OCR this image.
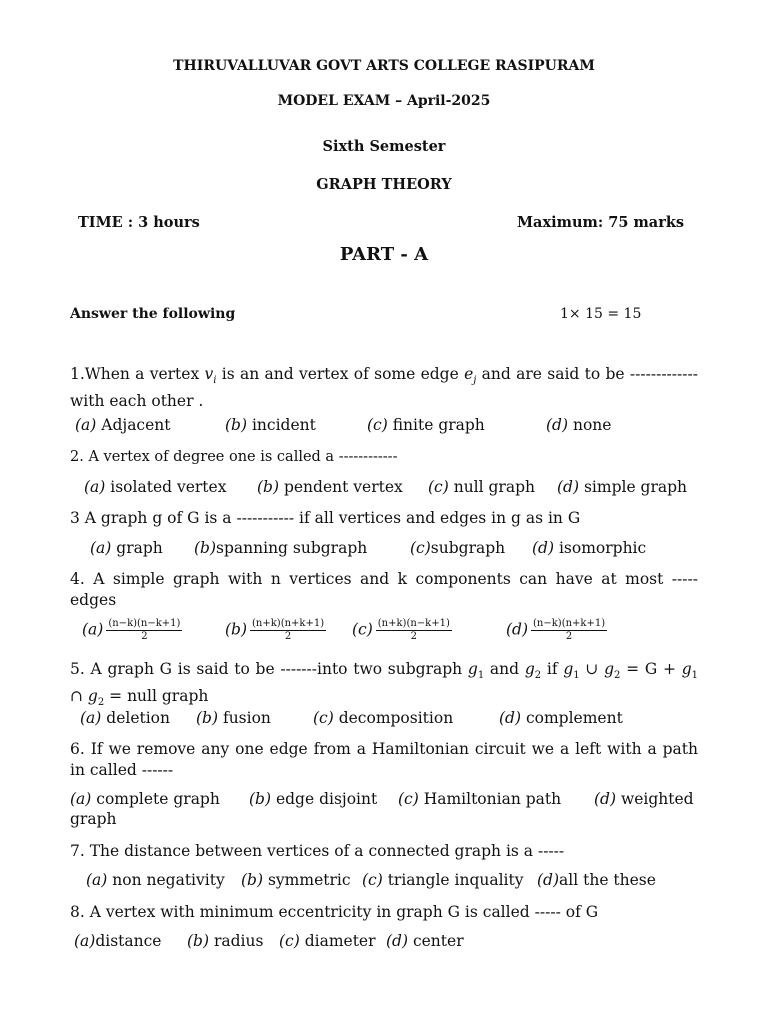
THIRUVALLUVAR GOVT ARTS COLLEGE RASIPURAM
MODEL EXAM – April-2025
Sixth Semester
GRAPH THEORY
TIME : 3 hours	Maximum: 75 marks
PART - A
Answer the following	1× 15 = 15
1.When a vertex $v_i$ is an and vertex of some edge $e_j$ and are said to be ------------- with each other .
(a) Adjacent	(b) incident	(c) finite graph	(d) none
2. A vertex of degree one is called a ------------
(a) isolated vertex (b) pendent vertex (c) null graph (d) simple graph
3 A graph g of G is a ----------- if all vertices and edges in g as in G
(a) graph (b)spanning subgraph	(c)subgraph (d) isomorphic
4. A simple graph with n vertices and k components can have at most ----- edges
$(a) \frac{(n-k)(n-k+1)}{2}$	$(b) \frac{(n+k)(n+k+1)}{2} (c) \frac{(n+k)(n-k+1)}{2}$	$(d) \frac{(n-k)(n+k+1)}{2}$
5. A graph G is said to be -------into two subgraph $g_1$ and $g_2$ if $g_1$ ∪ $g_2 = G + g_1$ ∩ $g_2$ = null graph
(a) deletion (b) fusion	(c) decomposition	(d) complement
6. If we remove any one edge from a Hamiltonian circuit we a left with a path in called ------
(a) complete graph (b) edge disjoint (c) Hamiltonian path (d) weighted
graph
7. The distance between vertices of a connected graph is a -----
(a) non negativity (b) symmetric (c) triangle inquality (d)all the these
8. A vertex with minimum eccentricity in graph G is called ----- of G
(a)distance (b) radius (c) diameter (d) center
